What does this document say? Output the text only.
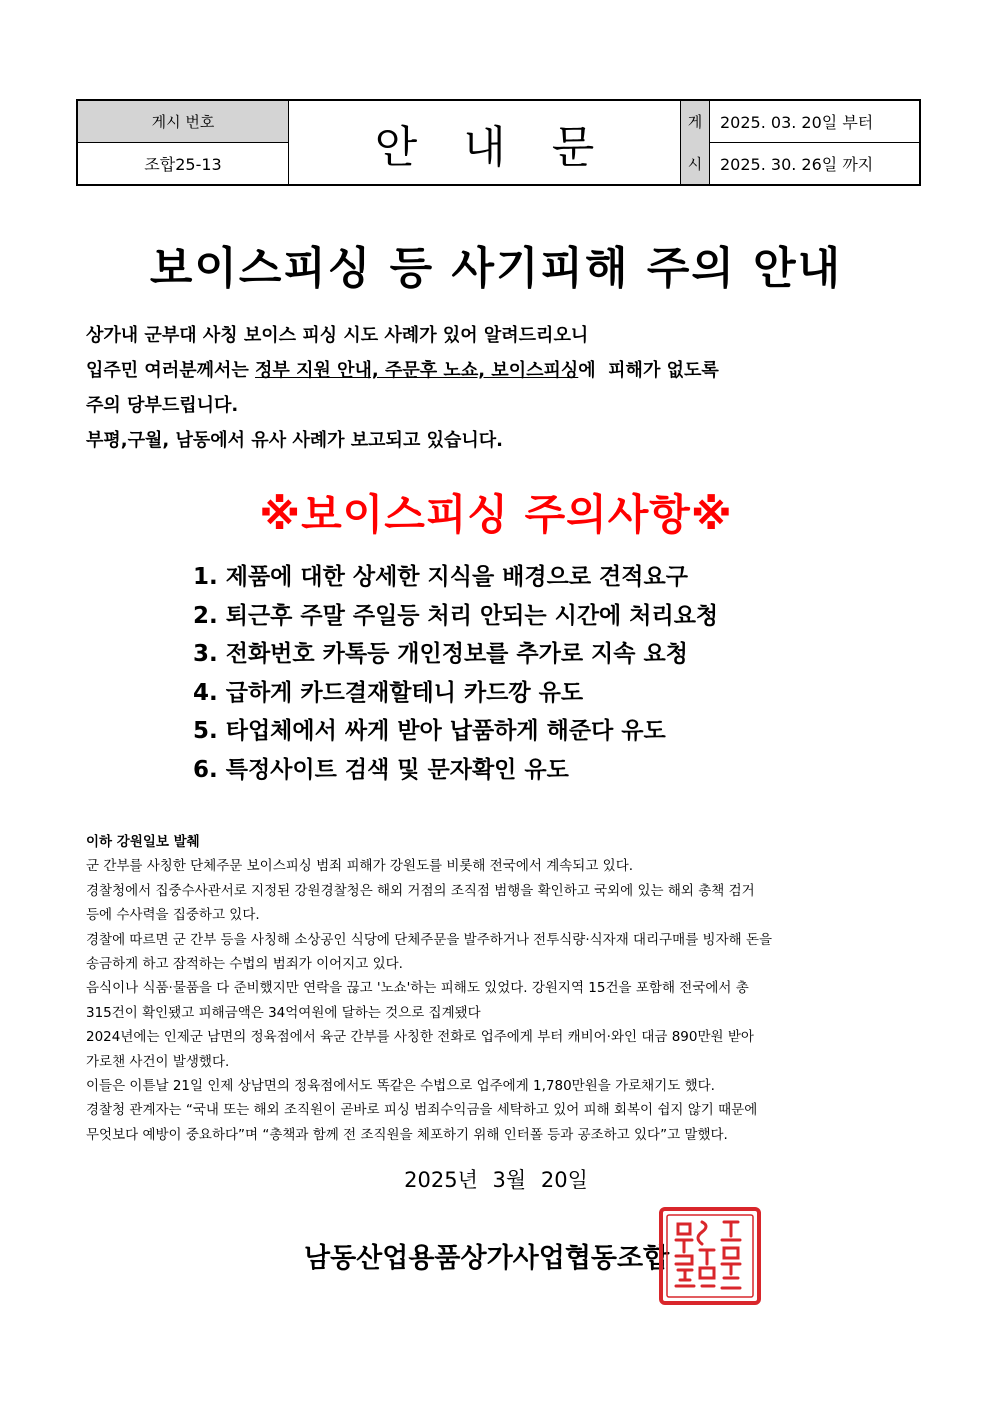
게시 번호
조합25-13	안내문	게
시
2025. 03. 20일 부터
2025. 30. 26일 까지
보이스피싱 등 사기피해 주의 안내

상가내 군부대 사칭 보이스 피싱 시도 사례가 있어 알려드리오니

입주민 여러분께서는 정부 지원 안내, 주문후 노쇼, 보이스피싱에  피해가 없도록

주의 당부드립니다.

부평,구월, 남동에서 유사 사례가 보고되고 있습니다.

※보이스피싱 주의사항※
1. 제품에 대한 상세한 지식을 배경으로 견적요구
2. 퇴근후 주말 주일등 처리 안되는 시간에 처리요청
3. 전화번호 카톡등 개인정보를 추가로 지속 요청
4. 급하게 카드결재할테니 카드깡 유도
5. 타업체에서 싸게 받아 납품하게 해준다 유도
6. 특정사이트 검색 및 문자확인 유도

이하 강원일보 발췌

군 간부를 사칭한 단체주문 보이스피싱 범죄 피해가 강원도를 비롯해 전국에서 계속되고 있다.

경찰청에서 집중수사관서로 지정된 강원경찰청은 해외 거점의 조직점 범행을 확인하고 국외에 있는 해외 총책 검거

등에 수사력을 집중하고 있다.

경찰에 따르면 군 간부 등을 사칭해 소상공인 식당에 단체주문을 발주하거나 전투식량·식자재 대리구매를 빙자해 돈을

송금하게 하고 잠적하는 수법의 범죄가 이어지고 있다.

음식이나 식품·물품을 다 준비했지만 연락을 끊고 '노쇼'하는 피해도 있었다. 강원지역 15건을 포함해 전국에서 총

315건이 확인됐고 피해금액은 34억여원에 달하는 것으로 집계됐다

2024년에는 인제군 남면의 정육점에서 육군 간부를 사칭한 전화로 업주에게 부터 캐비어·와인 대금 890만원 받아

가로챈 사건이 발생했다.

이들은 이튿날 21일 인제 상남면의 정육점에서도 똑같은 수법으로 업주에게 1,780만원을 가로채기도 했다.

경찰청 관계자는 “국내 또는 해외 조직원이 곧바로 피싱 범죄수익금을 세탁하고 있어 피해 회복이 쉽지 않기 때문에

무엇보다 예방이 중요하다”며 “총책과 함께 전 조직원을 체포하기 위해 인터폴 등과 공조하고 있다”고 말했다.

2025년 3월 20일
남동산업용품상가사업협동조합
